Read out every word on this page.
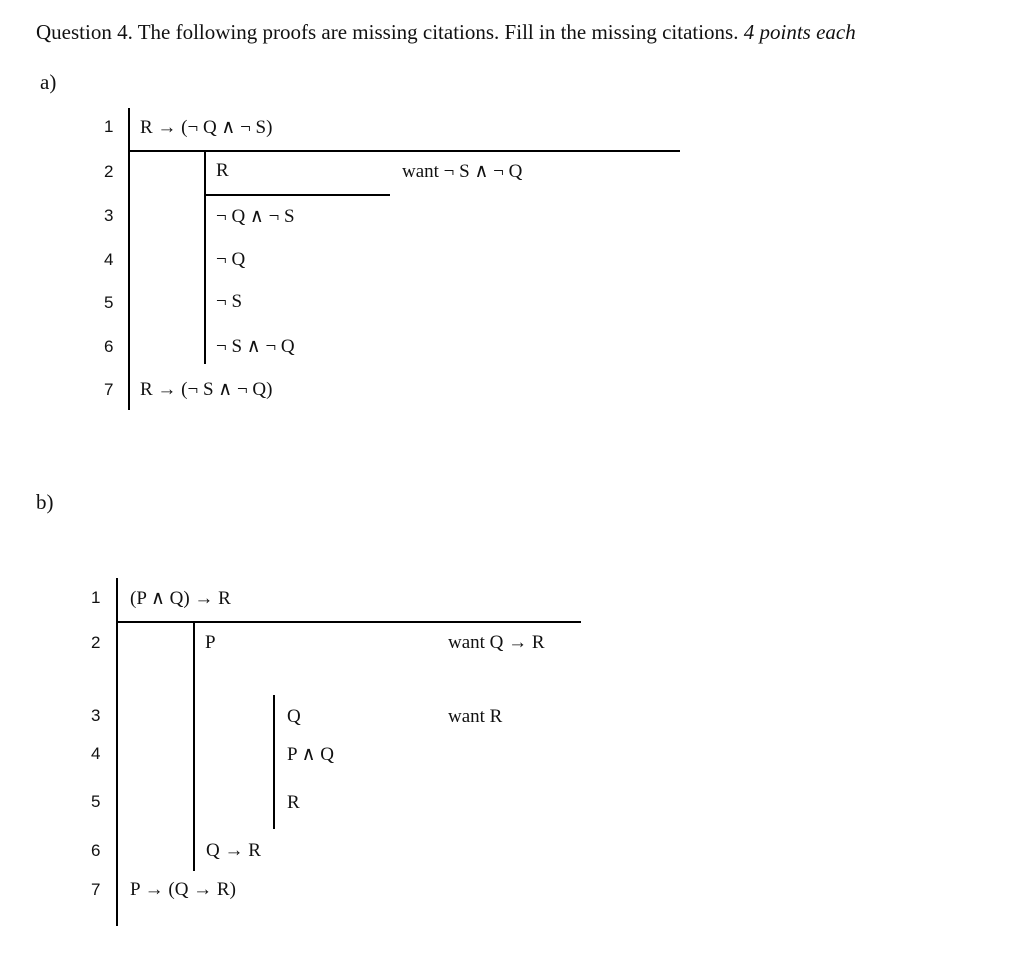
Question 4. The following proofs are missing citations. Fill in the missing citations. 4 points each
a)
1
2
3
4
5
6
7
R → (¬ Q ∧ ¬ S)
R
¬ Q ∧ ¬ S
¬ Q
¬ S
¬ S ∧ ¬ Q
R → (¬ S ∧ ¬ Q)
want ¬ S ∧ ¬ Q
b)
1
2
3
4
5
6
7
(P ∧ Q) → R
P
Q
P ∧ Q
R
Q → R
P → (Q → R)
want Q → R
want R
